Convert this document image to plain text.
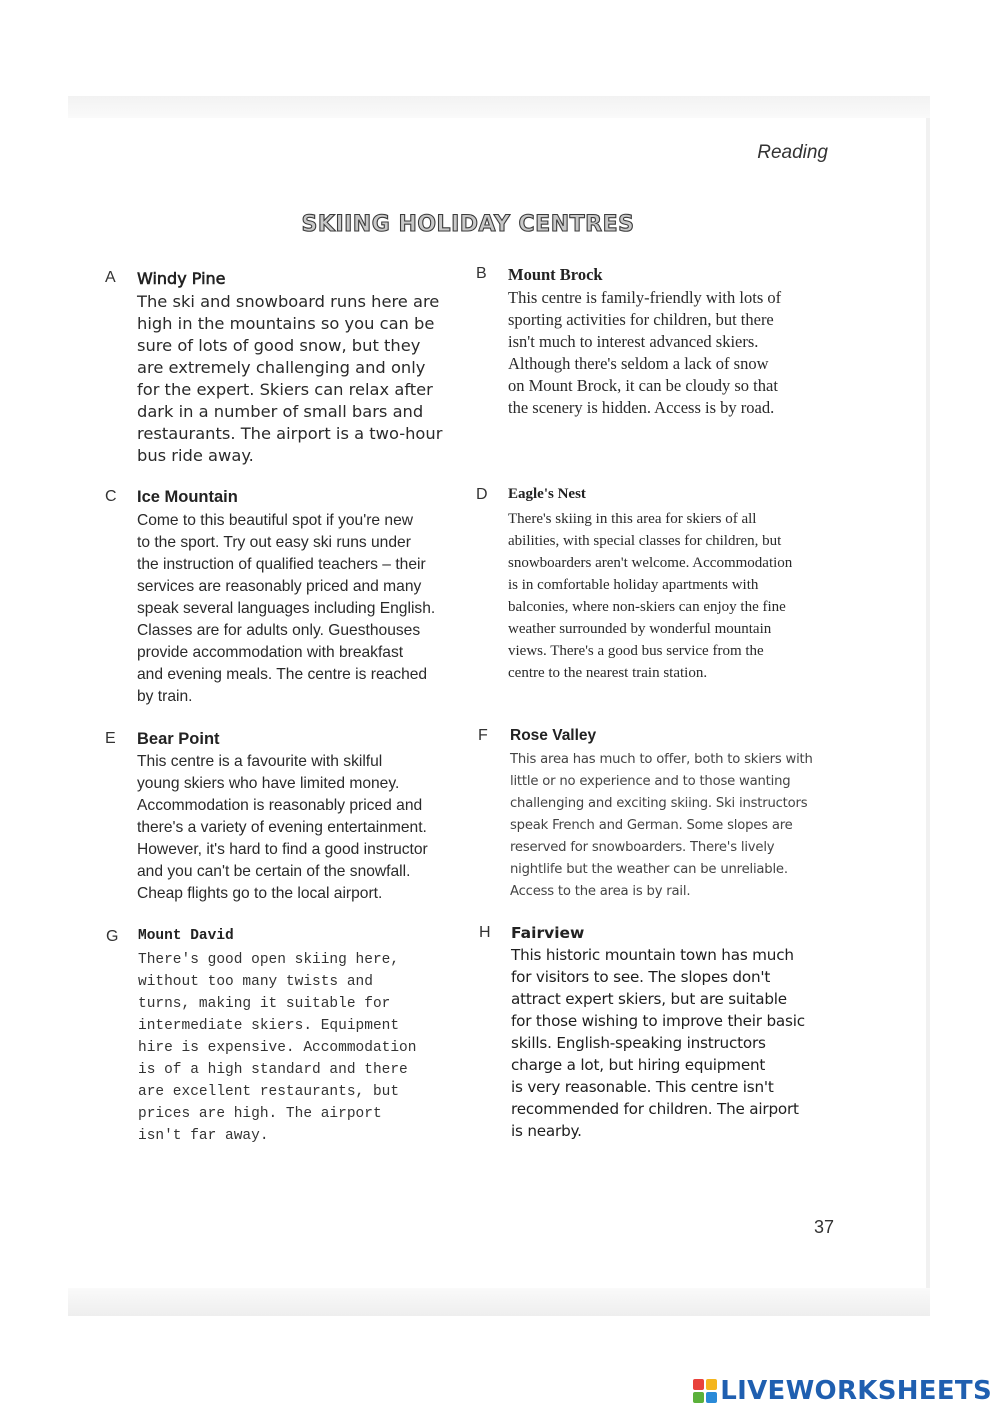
Reading
SKIING HOLIDAY CENTRES
A Windy Pine

The ski and snowboard runs here are
high in the mountains so you can be
sure of lots of good snow, but they
are extremely challenging and only
for the expert. Skiers can relax after
dark in a number of small bars and
restaurants. The airport is a two-hour
bus ride away.

B Mount Brock

This centre is family-friendly with lots of
sporting activities for children, but there
isn't much to interest advanced skiers.
Although there's seldom a lack of snow
on Mount Brock, it can be cloudy so that
the scenery is hidden. Access is by road.

C Ice Mountain

Come to this beautiful spot if you're new
to the sport. Try out easy ski runs under
the instruction of qualified teachers – their
services are reasonably priced and many
speak several languages including English.
Classes are for adults only. Guesthouses
provide accommodation with breakfast
and evening meals. The centre is reached
by train.

D Eagle's Nest

There's skiing in this area for skiers of all
abilities, with special classes for children, but
snowboarders aren't welcome. Accommodation
is in comfortable holiday apartments with
balconies, where non-skiers can enjoy the fine
weather surrounded by wonderful mountain
views. There's a good bus service from the
centre to the nearest train station.

E Bear Point

This centre is a favourite with skilful
young skiers who have limited money.
Accommodation is reasonably priced and
there's a variety of evening entertainment.
However, it's hard to find a good instructor
and you can't be certain of the snowfall.
Cheap flights go to the local airport.

F Rose Valley

This area has much to offer, both to skiers with
little or no experience and to those wanting
challenging and exciting skiing. Ski instructors
speak French and German. Some slopes are
reserved for snowboarders. There's lively
nightlife but the weather can be unreliable.
Access to the area is by rail.

G Mount David

There's good open skiing here,
without too many twists and
turns, making it suitable for
intermediate skiers. Equipment
hire is expensive. Accommodation
is of a high standard and there
are excellent restaurants, but
prices are high. The airport
isn't far away.

H Fairview

This historic mountain town has much
for visitors to see. The slopes don't
attract expert skiers, but are suitable
for those wishing to improve their basic
skills. English-speaking instructors
charge a lot, but hiring equipment
is very reasonable. This centre isn't
recommended for children. The airport
is nearby.

37
LIVEWORKSHEETS
